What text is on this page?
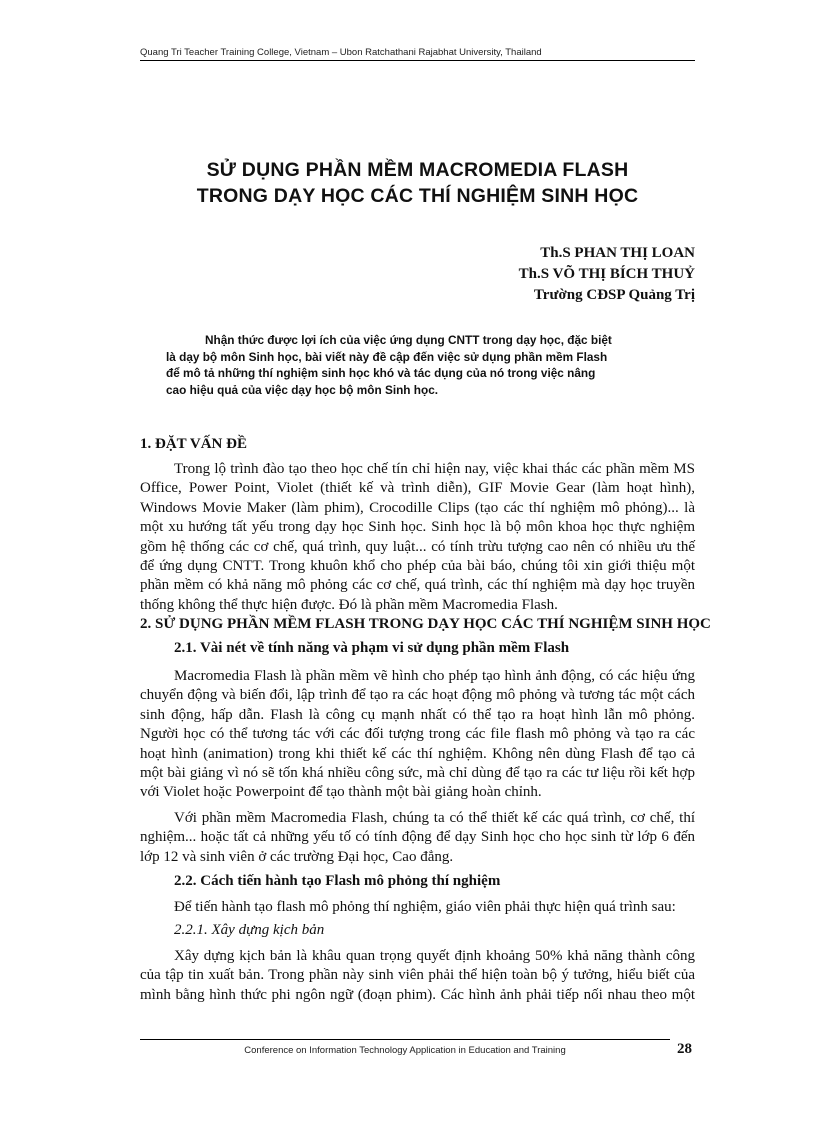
Quang Tri Teacher Training College, Vietnam – Ubon Ratchathani Rajabhat University, Thailand
SỬ DỤNG PHẦN MỀM MACROMEDIA FLASH
TRONG DẠY HỌC CÁC THÍ NGHIỆM SINH HỌC
Th.S PHAN THỊ LOAN
Th.S VÕ THỊ BÍCH THUỶ
Trường CĐSP Quảng Trị
Nhận thức được lợi ích của việc ứng dụng CNTT trong dạy học, đặc biệt
là dạy bộ môn Sinh học, bài viết này đề cập đến việc sử dụng phần mềm Flash
để mô tả những thí nghiệm sinh học khó và tác dụng của nó trong việc nâng
cao hiệu quả của việc dạy học bộ môn Sinh học.
1. ĐẶT VẤN ĐỀ
Trong lộ trình đào tạo theo học chế tín chỉ hiện nay, việc khai thác các phần mềm MS
Office, Power Point, Violet (thiết kế và trình diễn), GIF Movie Gear (làm hoạt hình),
Windows Movie Maker (làm phim), Crocodille Clips (tạo các thí nghiệm mô phỏng)... là
một xu hướng tất yếu trong dạy học Sinh học. Sinh học là bộ môn khoa học thực nghiệm
gồm hệ thống các cơ chế, quá trình, quy luật... có tính trừu tượng cao nên có nhiều ưu thế
để ứng dụng CNTT. Trong khuôn khổ cho phép của bài báo, chúng tôi xin giới thiệu một
phần mềm có khả năng mô phỏng các cơ chế, quá trình, các thí nghiệm mà dạy học truyền
thống không thể thực hiện được. Đó là phần mềm Macromedia Flash.
2. SỬ DỤNG PHẦN MỀM FLASH TRONG DẠY HỌC CÁC THÍ NGHIỆM SINH HỌC
2.1. Vài nét về tính năng và phạm vi sử dụng phần mềm Flash
Macromedia Flash là phần mềm vẽ hình cho phép tạo hình ảnh động, có các hiệu ứng
chuyển động và biến đổi, lập trình để tạo ra các hoạt động mô phỏng và tương tác một cách
sinh động, hấp dẫn. Flash là công cụ mạnh nhất có thể tạo ra hoạt hình lẫn mô phỏng.
Người học có thể tương tác với các đối tượng trong các file flash mô phỏng và tạo ra các
hoạt hình (animation) trong khi thiết kế các thí nghiệm. Không nên dùng Flash để tạo cả
một bài giảng vì nó sẽ tốn khá nhiều công sức, mà chỉ dùng để tạo ra các tư liệu rồi kết hợp
với Violet hoặc Powerpoint để tạo thành một bài giảng hoàn chỉnh.
Với phần mềm Macromedia Flash, chúng ta có thể thiết kế các quá trình, cơ chế, thí
nghiệm... hoặc tất cả những yếu tố có tính động để dạy Sinh học cho học sinh từ lớp 6 đến
lớp 12 và sinh viên ở các trường Đại học, Cao đẳng.
2.2. Cách tiến hành tạo Flash mô phỏng thí nghiệm
Để tiến hành tạo flash mô phỏng thí nghiệm, giáo viên phải thực hiện quá trình sau:
2.2.1. Xây dựng kịch bản
Xây dựng kịch bản là khâu quan trọng quyết định khoảng 50% khả năng thành công
của tập tin xuất bản. Trong phần này sinh viên phải thể hiện toàn bộ ý tưởng, hiểu biết của
mình bằng hình thức phi ngôn ngữ (đoạn phim). Các hình ảnh phải tiếp nối nhau theo một
Conference on Information Technology Application in Education and Training	28
